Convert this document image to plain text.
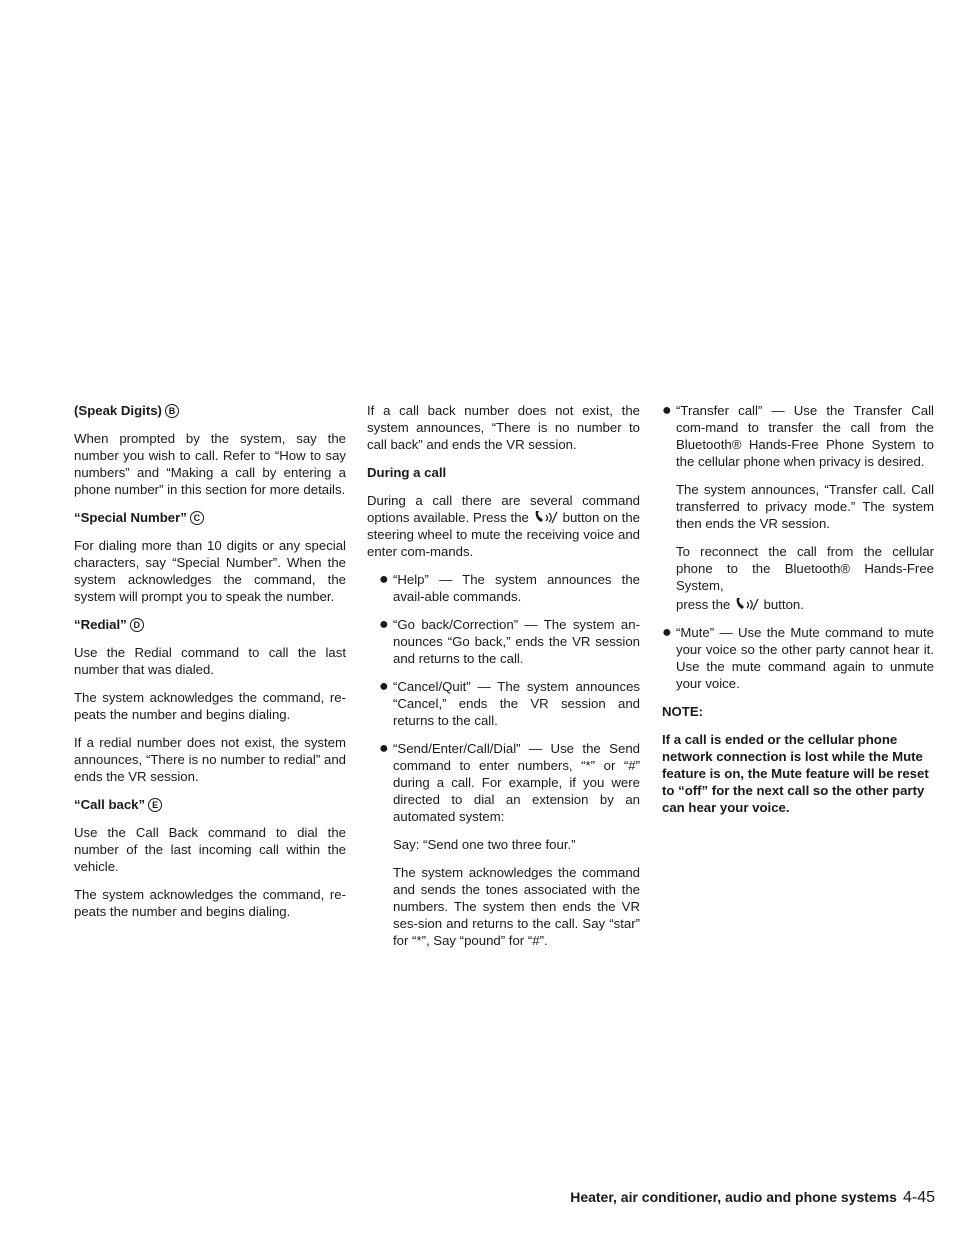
(Speak Digits) B

When prompted by the system, say the number you wish to call. Refer to “How to say numbers” and “Making a call by entering a phone number” in this section for more details.

“Special Number” C

For dialing more than 10 digits or any special characters, say “Special Number”. When the system acknowledges the command, the system will prompt you to speak the number.

“Redial” D

Use the Redial command to call the last number that was dialed.

The system acknowledges the command, re-peats the number and begins dialing.

If a redial number does not exist, the system announces, “There is no number to redial” and ends the VR session.

“Call back” E

Use the Call Back command to dial the number of the last incoming call within the vehicle.

The system acknowledges the command, re-peats the number and begins dialing.

If a call back number does not exist, the system announces, “There is no number to call back” and ends the VR session.

During a call

During a call there are several command options available. Press the	button on the steering wheel to mute the receiving voice and enter com-mands.

● “Help” — The system announces the avail-able commands.
● “Go back/Correction” — The system an-nounces “Go back,” ends the VR session and returns to the call.
● “Cancel/Quit” — The system announces “Cancel,” ends the VR session and returns to the call.
● “Send/Enter/Call/Dial” — Use the Send command to enter numbers, “*” or “#” during a call. For example, if you were directed to dial an extension by an automated system:

Say: “Send one two three four.”

The system acknowledges the command and sends the tones associated with the numbers. The system then ends the VR ses-sion and returns to the call. Say “star” for “*”, Say “pound” for “#”.

● “Transfer call” — Use the Transfer Call com-mand to transfer the call from the Bluetooth® Hands-Free Phone System to the cellular phone when privacy is desired.

The system announces, “Transfer call. Call transferred to privacy mode.” The system then ends the VR session.

To reconnect the call from the cellular phone to the Bluetooth® Hands-Free System,

press the	button.

● “Mute” — Use the Mute command to mute your voice so the other party cannot hear it. Use the mute command again to unmute your voice.
NOTE:

If a call is ended or the cellular phone network connection is lost while the Mute feature is on, the Mute feature will be reset to “off” for the next call so the other party can hear your voice.

Heater, air conditioner, audio and phone systems 4-45
